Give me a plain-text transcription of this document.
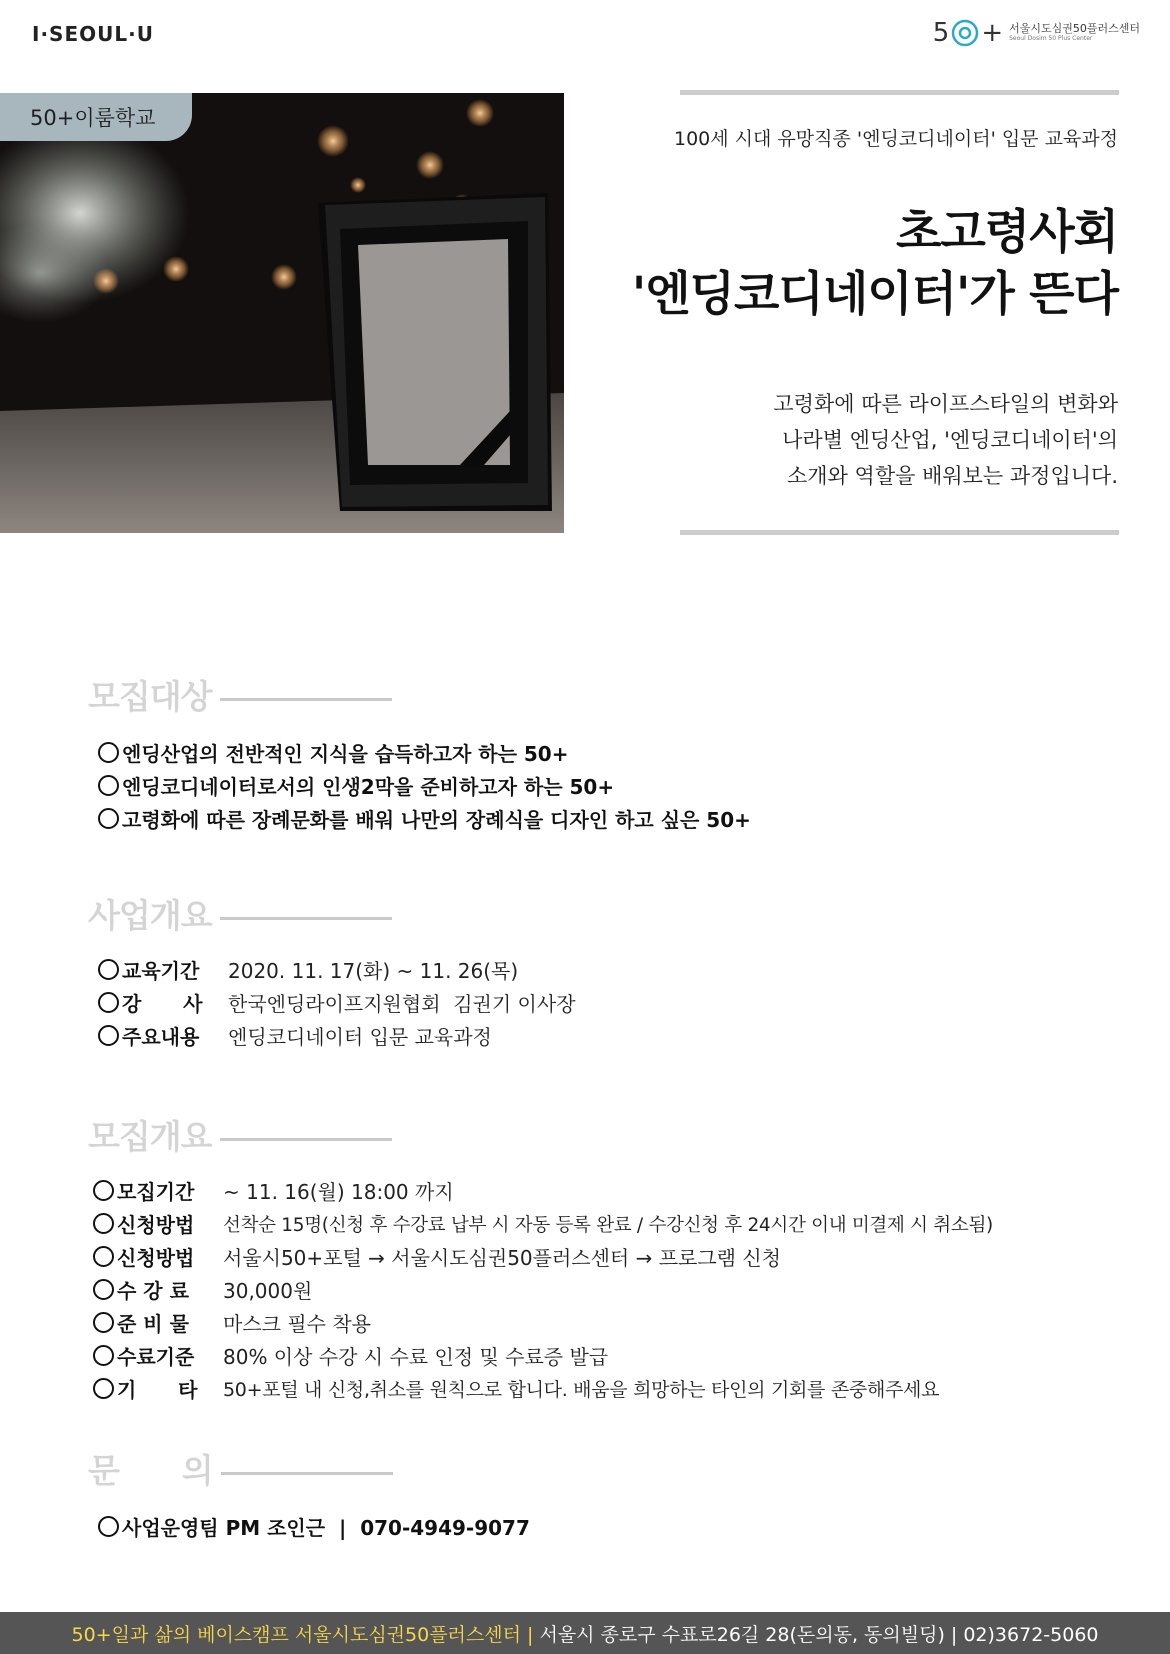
I·SEOUL·U	5 + 서울시도심권50플러스센터
Seoul Dosim 50 Plus Center
50+이룸학교
100세 시대 유망직종 '엔딩코디네이터' 입문 교육과정
초고령사회
'엔딩코디네이터'가 뜬다
고령화에 따른 라이프스타일의 변화와
나라별 엔딩산업, '엔딩코디네이터'의
소개와 역할을 배워보는 과정입니다.
모집대상
엔딩산업의 전반적인 지식을 습득하고자 하는 50+
엔딩코디네이터로서의 인생2막을 준비하고자 하는 50+
고령화에 따른 장례문화를 배워 나만의 장례식을 디자인 하고 싶은 50+
사업개요
교육기간	2020. 11. 17(화) ~ 11. 26(목)
강      사	한국엔딩라이프지원협회  김권기 이사장
주요내용	엔딩코디네이터 입문 교육과정
모집개요
모집기간	~ 11. 16(월) 18:00 까지
신청방법	선착순 15명(신청 후 수강료 납부 시 자동 등록 완료 / 수강신청 후 24시간 이내 미결제 시 취소됨)
신청방법	서울시50+포털 → 서울시도심권50플러스센터 → 프로그램 신청
수 강 료	30,000원
준 비 물	마스크 필수 착용
수료기준	80% 이상 수강 시 수료 인정 및 수료증 발급
기      타	50+포털 내 신청,취소를 원칙으로 합니다. 배움을 희망하는 타인의 기회를 존중해주세요
문      의
사업운영팀 PM 조인근  |  070-4949-9077
50+일과 삶의 베이스캠프 서울시도심권50플러스센터 | 서울시 종로구 수표로26길 28(돈의동, 동의빌딩) | 02)3672-5060
